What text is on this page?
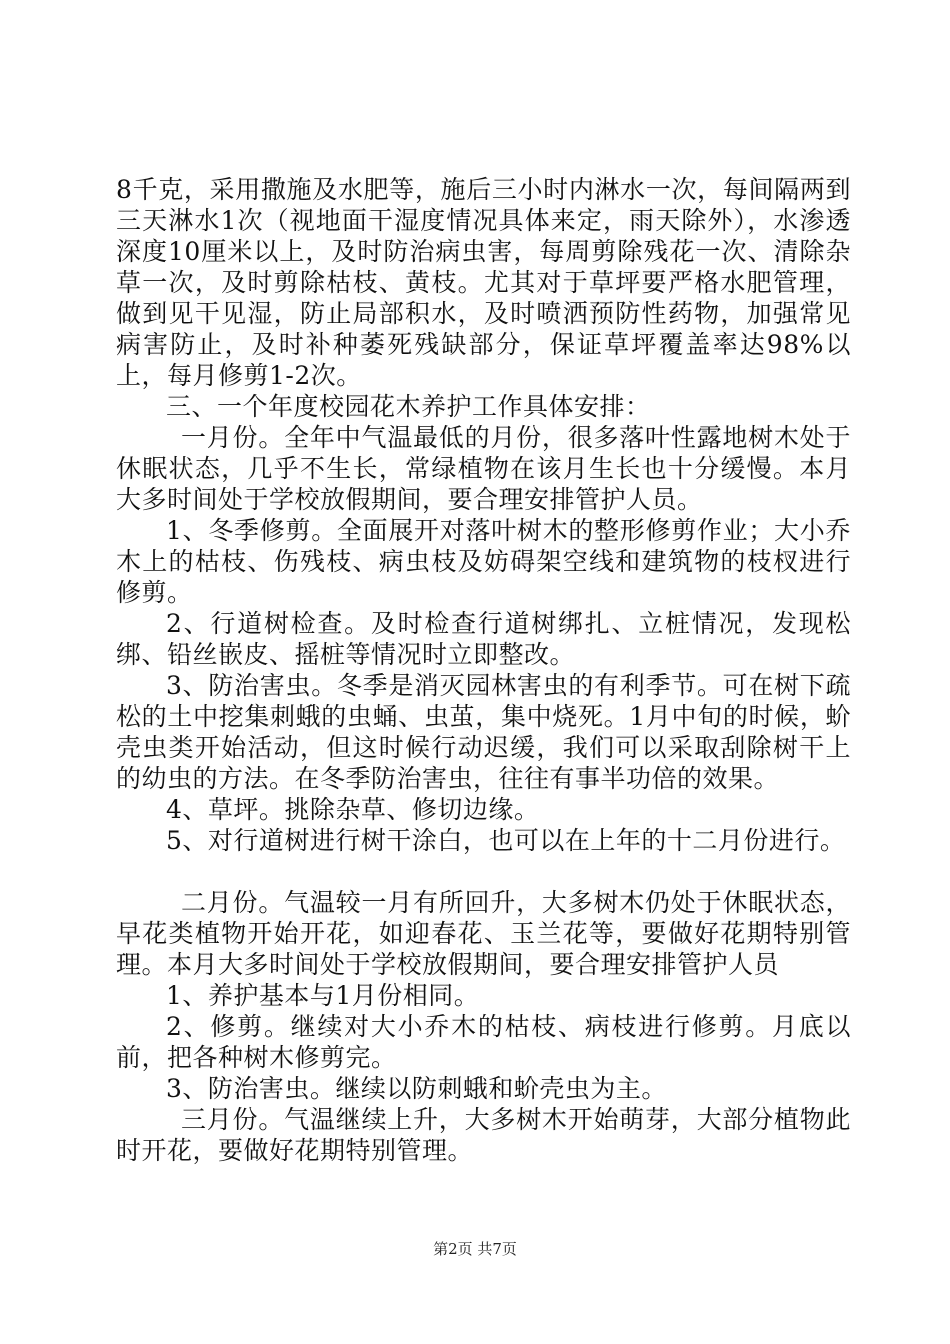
8千克，采用撒施及水肥等，施后三小时内淋水一次，每间隔两到三天淋水1次（视地面干湿度情况具体来定，雨天除外），水渗透深度10厘米以上，及时防治病虫害，每周剪除残花一次、清除杂草一次，及时剪除枯枝、黄枝。尤其对于草坪要严格水肥管理，做到见干见湿，防止局部积水，及时喷洒预防性药物，加强常见病害防止，及时补种萎死残缺部分，保证草坪覆盖率达98%以上，每月修剪1-2次。

三、一个年度校园花木养护工作具体安排：

一月份。全年中气温最低的月份，很多落叶性露地树木处于休眠状态，几乎不生长，常绿植物在该月生长也十分缓慢。本月大多时间处于学校放假期间，要合理安排管护人员。

1、冬季修剪。全面展开对落叶树木的整形修剪作业；大小乔木上的枯枝、伤残枝、病虫枝及妨碍架空线和建筑物的枝杈进行修剪。

2、行道树检查。及时检查行道树绑扎、立桩情况，发现松绑、铅丝嵌皮、摇桩等情况时立即整改。

3、防治害虫。冬季是消灭园林害虫的有利季节。可在树下疏松的土中挖集刺蛾的虫蛹、虫茧，集中烧死。1月中旬的时候，蚧壳虫类开始活动，但这时候行动迟缓，我们可以采取刮除树干上的幼虫的方法。在冬季防治害虫，往往有事半功倍的效果。

4、草坪。挑除杂草、修切边缘。

5、对行道树进行树干涂白，也可以在上年的十二月份进行。

二月份。气温较一月有所回升，大多树木仍处于休眠状态，早花类植物开始开花，如迎春花、玉兰花等，要做好花期特别管理。本月大多时间处于学校放假期间，要合理安排管护人员

1、养护基本与1月份相同。

2、修剪。继续对大小乔木的枯枝、病枝进行修剪。月底以前，把各种树木修剪完。

3、防治害虫。继续以防刺蛾和蚧壳虫为主。

三月份。气温继续上升，大多树木开始萌芽，大部分植物此时开花，要做好花期特别管理。

第2页 共7页
